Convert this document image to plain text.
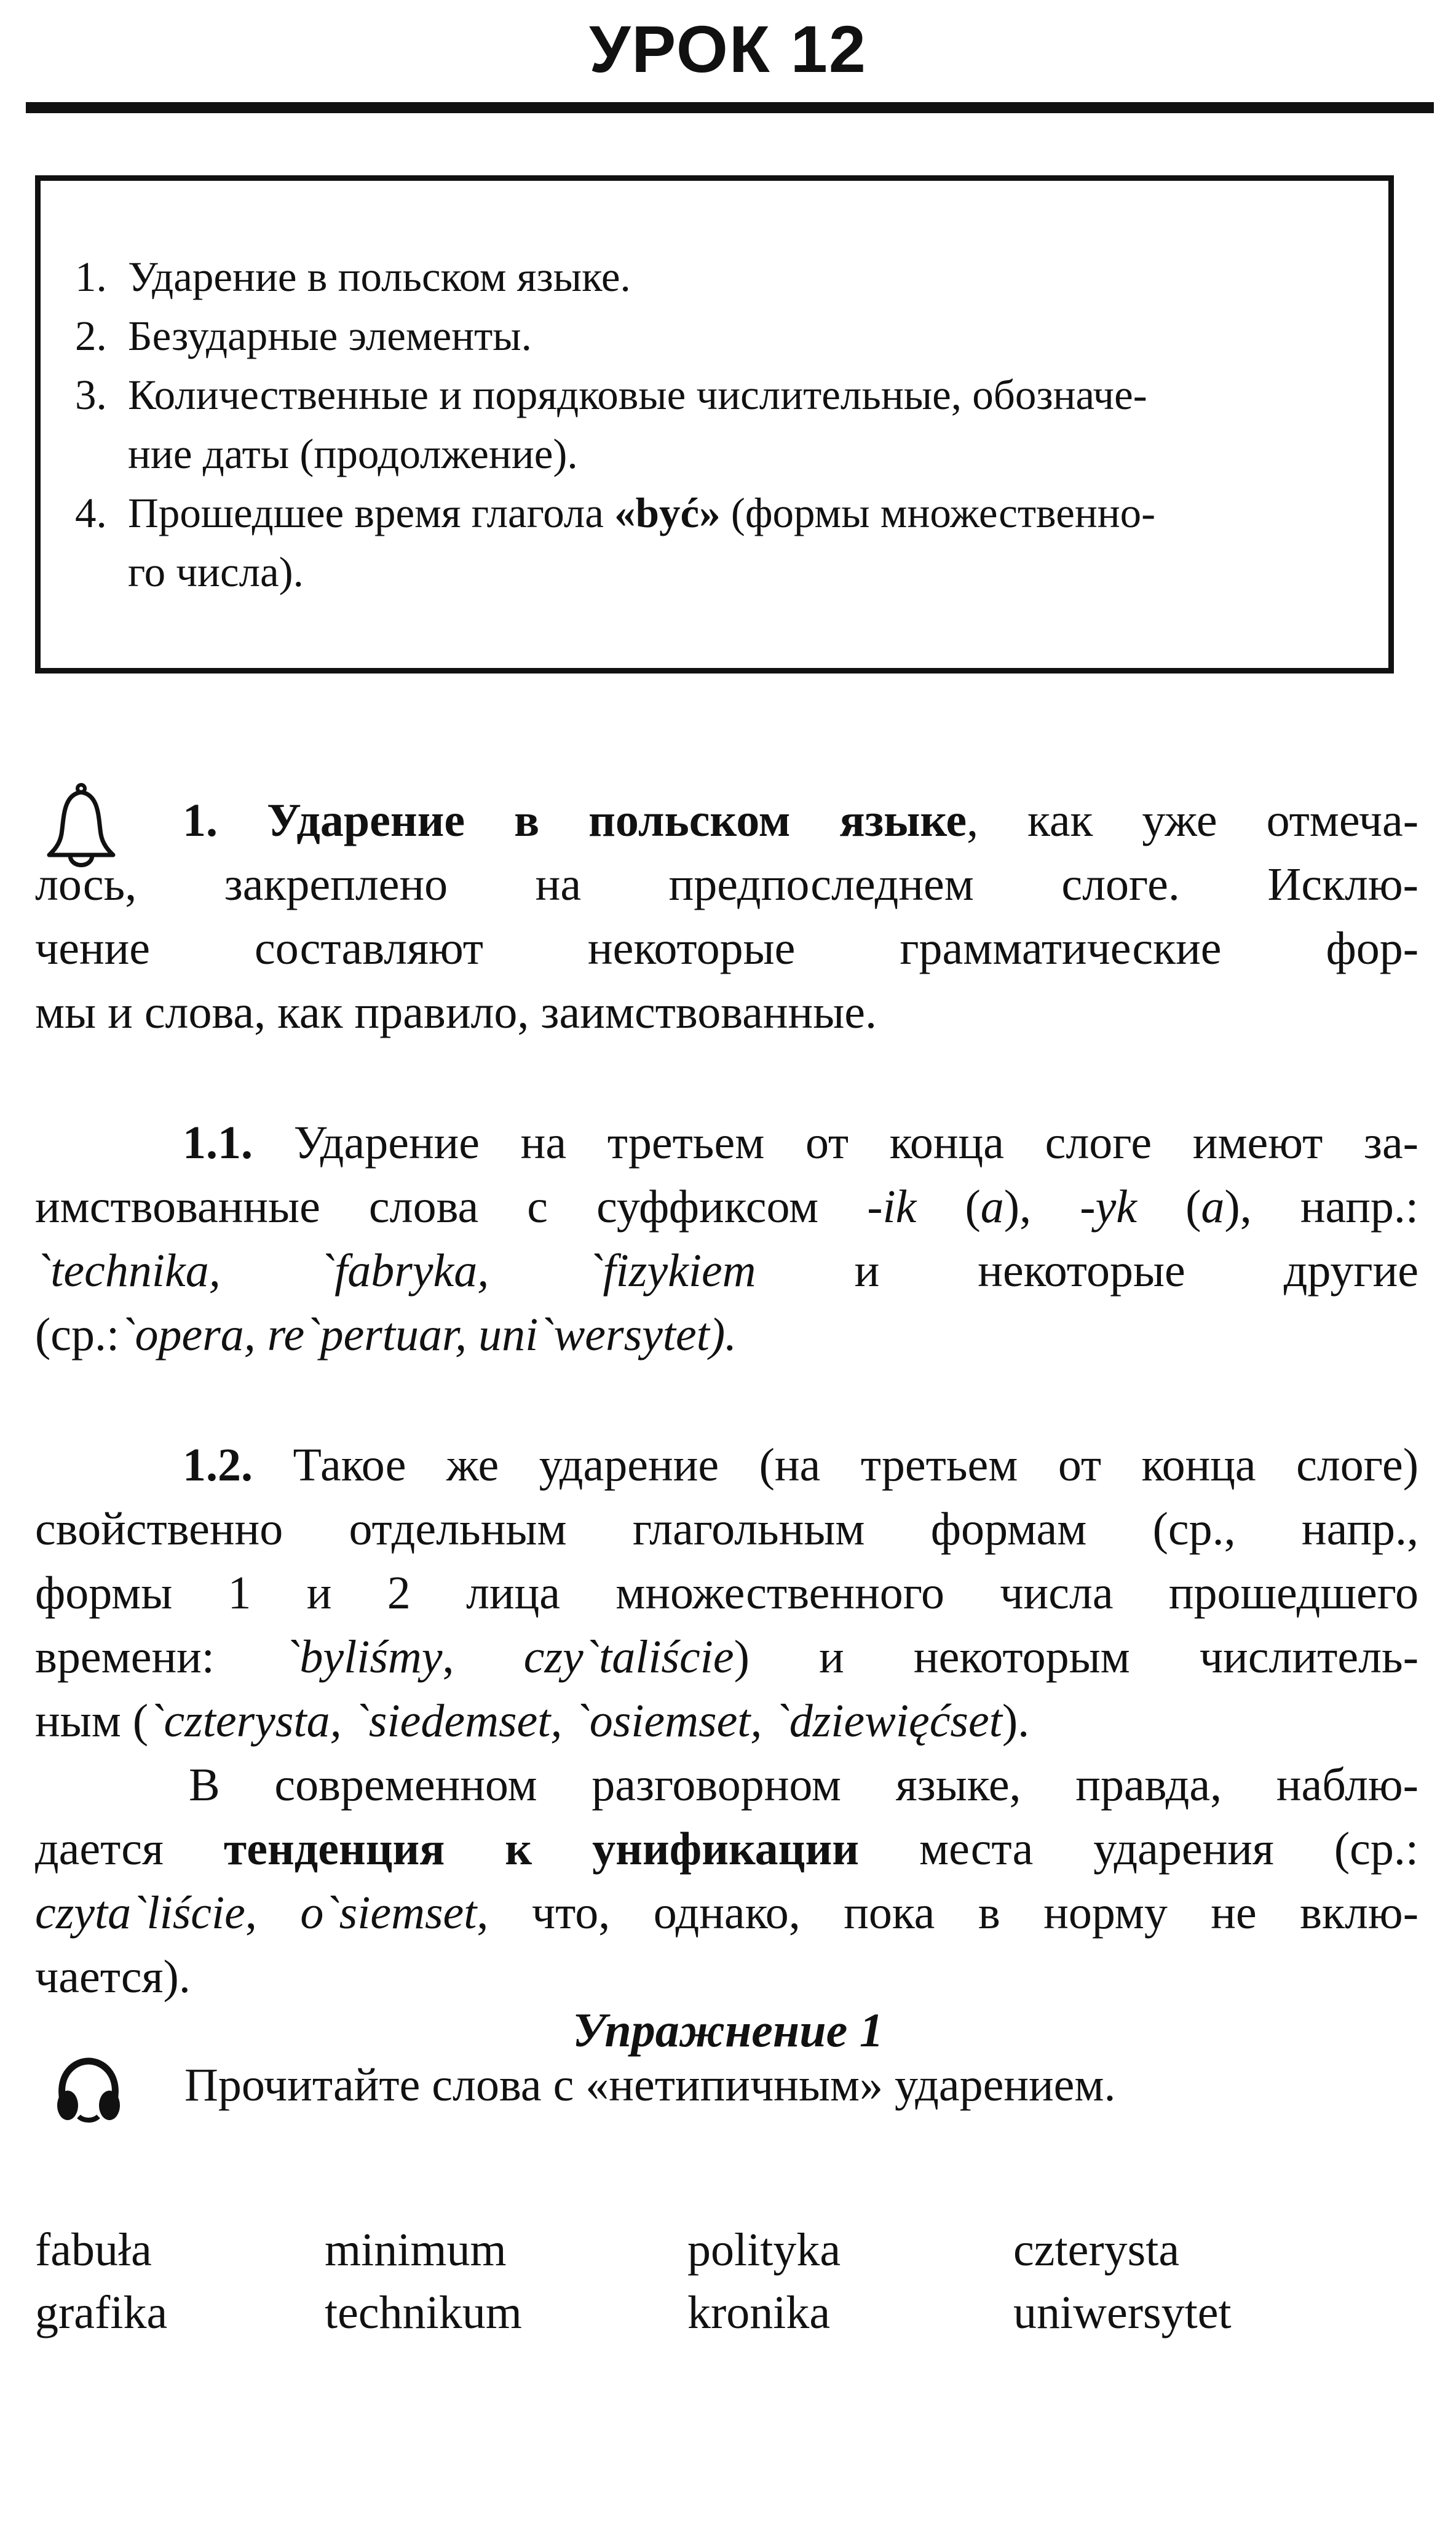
УРОК 12
1. Ударение в польском языке.
2. Безударные элементы.
3. Количественные и порядковые числительные, обозначе-
ние даты (продолжение).
4. Прошедшее время глагола «być» (формы множественно-
го числа).
1. Ударение в польском языке, как уже отмеча-
лось, закреплено на предпоследнем слоге. Исклю-
чение составляют некоторые грамматические фор-
мы и слова, как правило, заимствованные.
1.1. Ударение на третьем от конца слоге имеют за-
имствованные слова с суффиксом -ik (a), -yk (a), напр.:
`technika, `fabryka, `fizykiem и некоторые другие
(ср.:`opera, re`pertuar, uni`wersytet).
1.2. Такое же ударение (на третьем от конца слоге)
свойственно отдельным глагольным формам (ср., напр.,
формы 1 и 2 лица множественного числа прошедшего
времени: `byliśmy, czy`taliście) и некоторым числитель-
ным (`czterysta, `siedemset, `osiemset, `dziewięćset).
В современном разговорном языке, правда, наблю-
дается тенденция к унификации места ударения (ср.:
czyta`liście, o`siemset, что, однако, пока в норму не вклю-
чается).
Упражнение 1
Прочитайте слова с «нетипичным» ударением.
fabuła	minimum	polityka	czterysta
grafika	technikum	kronika	uniwersytet
